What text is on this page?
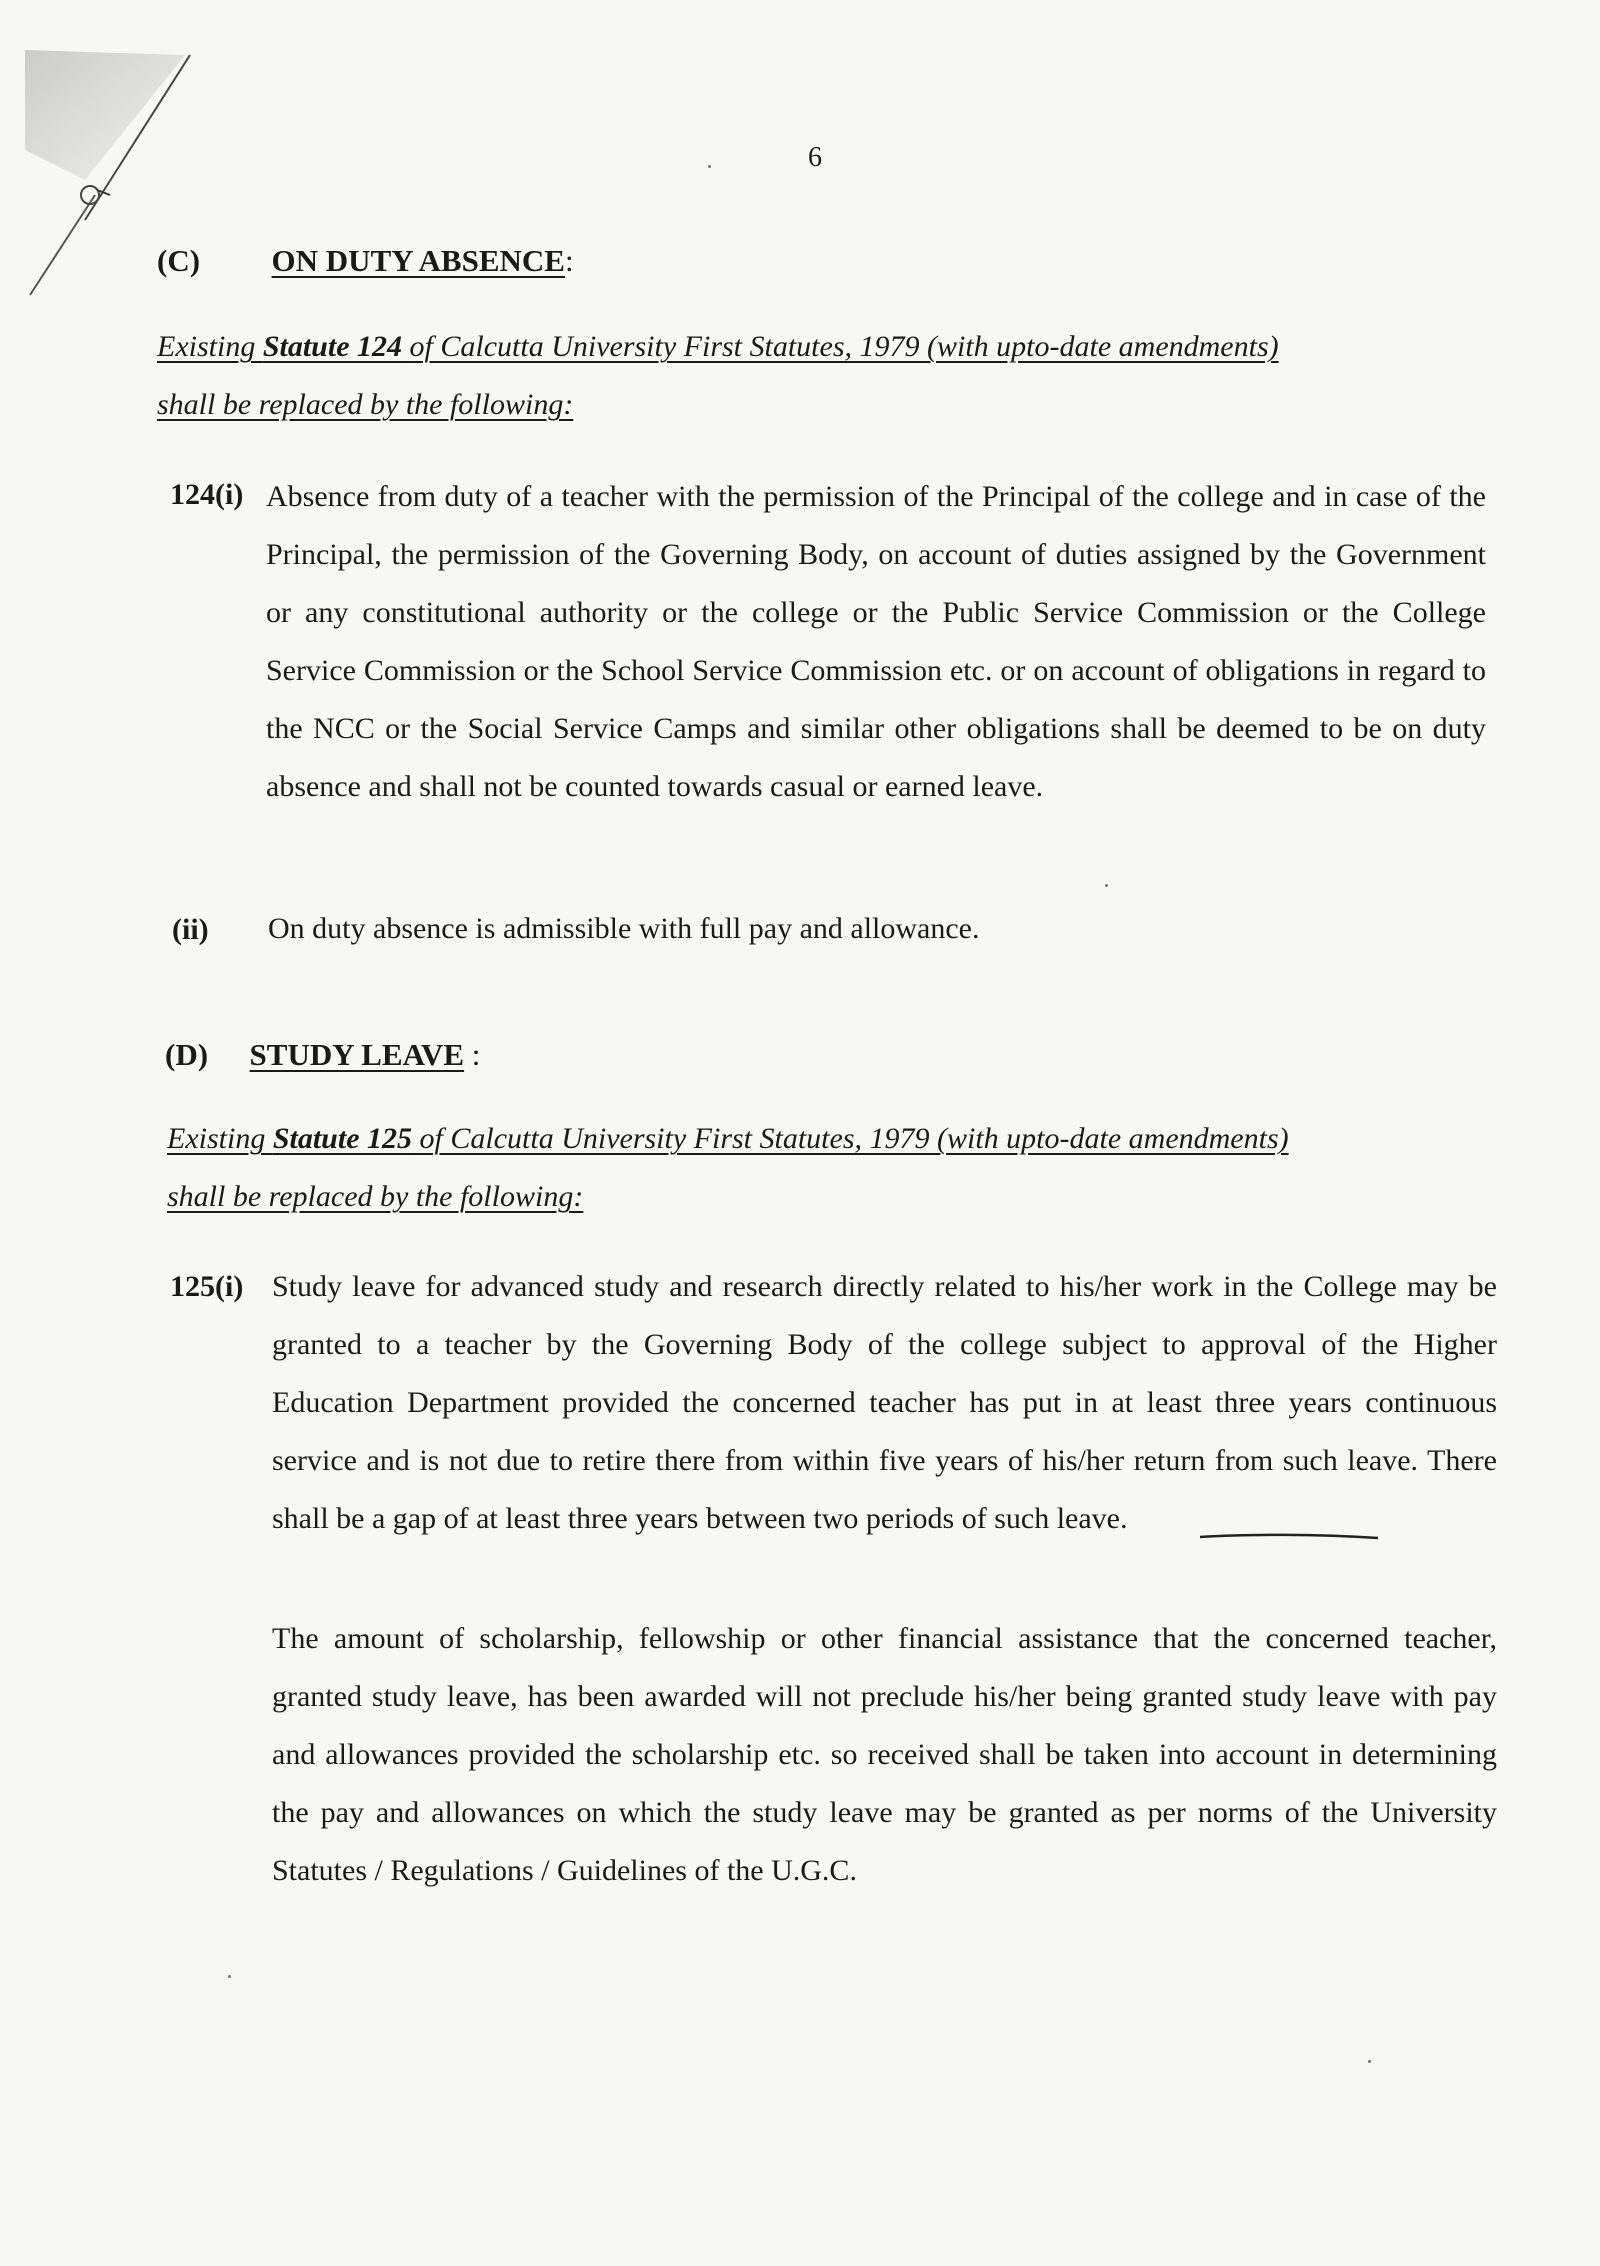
6
(C) ON DUTY ABSENCE:
Existing Statute 124 of Calcutta University First Statutes, 1979 (with upto-date amendments)
shall be replaced by the following:
124(i) Absence from duty of a teacher with the permission of the Principal of the college and in case of the Principal, the permission of the Governing Body, on account of duties assigned by the Government or any constitutional authority or the college or the Public Service Commission or the College Service Commission or the School Service Commission etc. or on account of obligations in regard to the NCC or the Social Service Camps and similar other obligations shall be deemed to be on duty absence and shall not be counted towards casual or earned leave.
(ii) On duty absence is admissible with full pay and allowance.
(D) STUDY LEAVE :
Existing Statute 125 of Calcutta University First Statutes, 1979 (with upto-date amendments)
shall be replaced by the following:
125(i) Study leave for advanced study and research directly related to his/her work in the College may be granted to a teacher by the Governing Body of the college subject to approval of the Higher Education Department provided the concerned teacher has put in at least three years continuous service and is not due to retire there from within five years of his/her return from such leave. There shall be a gap of at least three years between two periods of such leave.
The amount of scholarship, fellowship or other financial assistance that the concerned teacher, granted study leave, has been awarded will not preclude his/her being granted study leave with pay and allowances provided the scholarship etc. so received shall be taken into account in determining the pay and allowances on which the study leave may be granted as per norms of the University Statutes / Regulations / Guidelines of the U.G.C.
